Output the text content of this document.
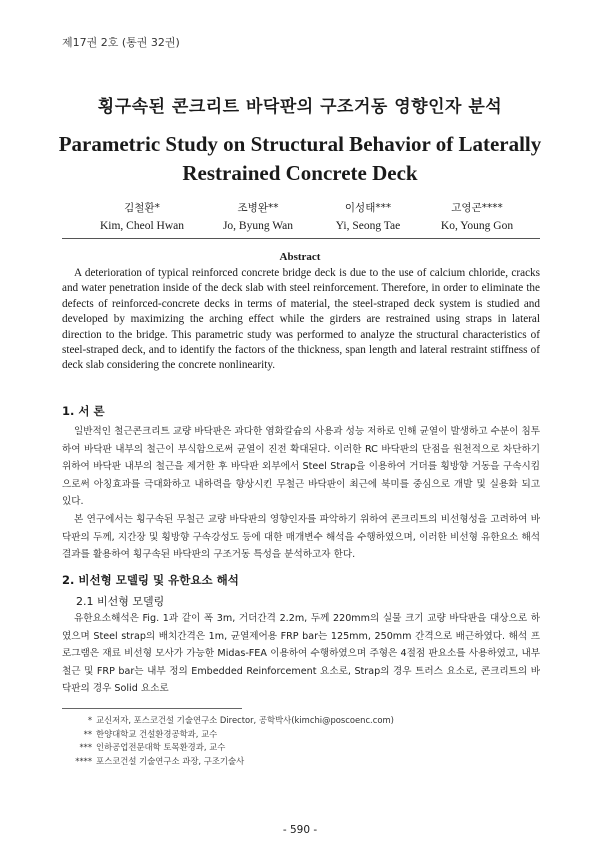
제17권 2호 (통권 32권)
횡구속된 콘크리트 바닥판의 구조거동 영향인자 분석
Parametric Study on Structural Behavior of Laterally
Restrained Concrete Deck
김철환*
Kim, Cheol Hwan
조병완**
Jo, Byung Wan
이성태***
Yi, Seong Tae
고영곤****
Ko, Young Gon
Abstract
A deterioration of typical reinforced concrete bridge deck is due to the use of calcium chloride, cracks and water penetration inside of the deck slab with steel reinforcement. Therefore, in order to eliminate the defects of reinforced-concrete decks in terms of material, the steel-straped deck system is studied and developed by maximizing the arching effect while the girders are restrained using straps in lateral direction to the bridge. This parametric study was performed to analyze the structural characteristics of steel-straped deck, and to identify the factors of the thickness, span length and lateral restraint stiffness of deck slab considering the concrete nonlinearity.
1. 서 론
일반적인 철근콘크리트 교량 바닥판은 과다한 염화칼슘의 사용과 성능 저하로 인해 균열이 발생하고 수분이 침투하여 바닥판 내부의 철근이 부식함으로써 균열이 진전 확대된다. 이러한 RC 바닥판의 단점을 원천적으로 차단하기 위하여 바닥판 내부의 철근을 제거한 후 바닥판 외부에서 Steel Strap을 이용하여 거더를 횡방향 거동을 구속시킴으로써 아칭효과를 극대화하고 내하력을 향상시킨 무철근 바닥판이 최근에 북미를 중심으로 개발 및 실용화 되고 있다.
본 연구에서는 횡구속된 무철근 교량 바닥판의 영향인자를 파악하기 위하여 콘크리트의 비선형성을 고려하여 바닥판의 두께, 지간장 및 횡방향 구속강성도 등에 대한 매개변수 해석을 수행하였으며, 이러한 비선형 유한요소 해석결과를 활용하여 횡구속된 바닥판의 구조거동 특성을 분석하고자 한다.
2. 비선형 모델링 및 유한요소 해석
2.1 비선형 모델링
유한요소해석은 Fig. 1과 같이 폭 3m, 거더간격 2.2m, 두께 220mm의 실물 크기 교량 바닥판을 대상으로 하였으며 Steel strap의 배치간격은 1m, 균열제어용 FRP bar는 125mm, 250mm 간격으로 배근하였다. 해석 프로그램은 재료 비선형 모사가 가능한 Midas-FEA 이용하여 수행하였으며 주형은 4절점 판요소를 사용하였고, 내부 철근 및 FRP bar는 내부 정의 Embedded Reinforcement 요소로, Strap의 경우 트러스 요소로, 콘크리트의 바닥판의 경우 Solid 요소로
* 교신저자, 포스코건설 기술연구소 Director, 공학박사(kimchi@poscoenc.com)
** 한양대학교 건설환경공학과, 교수
*** 인하공업전문대학 토목환경과, 교수
**** 포스코건설 기술연구소 과장, 구조기술사
- 590 -
